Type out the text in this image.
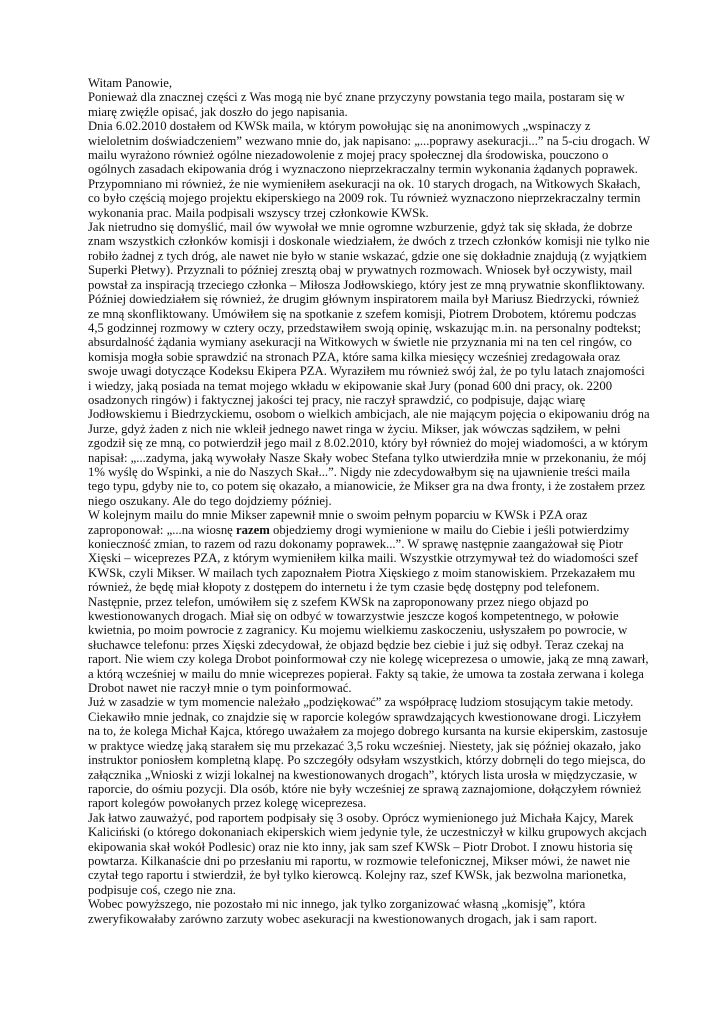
Witam Panowie,

Ponieważ dla znacznej części z Was mogą nie być znane przyczyny powstania tego maila, postaram się w miarę zwięźle opisać, jak doszło do jego napisania.

Dnia 6.02.2010 dostałem od KWSk maila, w którym powołując się na anonimowych „wspinaczy z wieloletnim doświadczeniem” wezwano mnie do, jak napisano: „...poprawy asekuracji...” na 5-ciu drogach. W mailu wyrażono również ogólne niezadowolenie z mojej pracy społecznej dla środowiska, pouczono o ogólnych zasadach ekipowania dróg i wyznaczono nieprzekraczalny termin wykonania żądanych poprawek. Przypomniano mi również, że nie wymieniłem asekuracji na ok. 10 starych drogach, na Witkowych Skałach, co było częścią mojego projektu ekiperskiego na 2009 rok. Tu również wyznaczono nieprzekraczalny termin wykonania prac. Maila podpisali wszyscy trzej członkowie KWSk.

Jak nietrudno się domyślić, mail ów wywołał we mnie ogromne wzburzenie, gdyż tak się składa, że dobrze znam wszystkich członków komisji i doskonale wiedziałem, że dwóch z trzech członków komisji nie tylko nie robiło żadnej z tych dróg, ale nawet nie było w stanie wskazać, gdzie one się dokładnie znajdują (z wyjątkiem Superki Płetwy). Przyznali to później zresztą obaj w prywatnych rozmowach. Wniosek był oczywisty, mail powstał za inspiracją trzeciego członka – Miłosza Jodłowskiego, który jest ze mną prywatnie skonfliktowany. Później dowiedziałem się również, że drugim głównym inspiratorem maila był Mariusz Biedrzycki, również ze mną skonfliktowany. Umówiłem się na spotkanie z szefem komisji, Piotrem Drobotem, któremu podczas 4,5 godzinnej rozmowy w cztery oczy, przedstawiłem swoją opinię, wskazując m.in. na personalny podtekst; absurdalność żądania wymiany asekuracji na Witkowych w świetle nie przyznania mi na ten cel ringów, co komisja mogła sobie sprawdzić na stronach PZA, które sama kilka miesięcy wcześniej zredagowała oraz swoje uwagi dotyczące Kodeksu Ekipera PZA. Wyraziłem mu również swój żal, że po tylu latach znajomości i wiedzy, jaką posiada na temat mojego wkładu w ekipowanie skał Jury (ponad 600 dni pracy, ok. 2200 osadzonych ringów) i faktycznej jakości tej pracy, nie raczył sprawdzić, co podpisuje, dając wiarę Jodłowskiemu i Biedrzyckiemu, osobom o wielkich ambicjach, ale nie mającym pojęcia o ekipowaniu dróg na Jurze, gdyż żaden z nich nie wkleił jednego nawet ringa w życiu. Mikser, jak wówczas sądziłem, w pełni zgodził się ze mną, co potwierdził jego mail z 8.02.2010, który był również do mojej wiadomości, a w którym napisał: „...zadyma, jaką wywołały Nasze Skały wobec Stefana tylko utwierdziła mnie w przekonaniu, że mój 1% wyślę do Wspinki, a nie do Naszych Skał...”. Nigdy nie zdecydowałbym się na ujawnienie treści maila tego typu, gdyby nie to, co potem się okazało, a mianowicie, że Mikser gra na dwa fronty, i że zostałem przez niego oszukany. Ale do tego dojdziemy później.

W kolejnym mailu do mnie Mikser zapewnił mnie o swoim pełnym poparciu w KWSk i PZA oraz zaproponował: „...na wiosnę razem objedziemy drogi wymienione w mailu do Ciebie i jeśli potwierdzimy konieczność zmian, to razem od razu dokonamy poprawek...”. W sprawę następnie zaangażował się Piotr Xięski – wiceprezes PZA, z którym wymieniłem kilka maili. Wszystkie otrzymywał też do wiadomości szef KWSk, czyli Mikser. W mailach tych zapoznałem Piotra Xięskiego z moim stanowiskiem. Przekazałem mu również, że będę miał kłopoty z dostępem do internetu i że tym czasie będę dostępny pod telefonem. Następnie, przez telefon, umówiłem się z szefem KWSk na zaproponowany przez niego objazd po kwestionowanych drogach. Miał się on odbyć w towarzystwie jeszcze kogoś kompetentnego, w połowie kwietnia, po moim powrocie z zagranicy. Ku mojemu wielkiemu zaskoczeniu, usłyszałem po powrocie, w słuchawce telefonu: przes Xięski zdecydował, że objazd będzie bez ciebie i już się odbył. Teraz czekaj na raport. Nie wiem czy kolega Drobot poinformował czy nie kolegę wiceprezesa o umowie, jaką ze mną zawarł, a którą wcześniej w mailu do mnie wiceprezes popierał. Fakty są takie, że umowa ta została zerwana i kolega Drobot nawet nie raczył mnie o tym poinformować.

Już w zasadzie w tym momencie należało „podziękować” za współpracę ludziom stosującym takie metody. Ciekawiło mnie jednak, co znajdzie się w raporcie kolegów sprawdzających kwestionowane drogi. Liczyłem na to, że kolega Michał Kajca, którego uważałem za mojego dobrego kursanta na kursie ekiperskim, zastosuje w praktyce wiedzę jaką starałem się mu przekazać 3,5 roku wcześniej. Niestety, jak się później okazało, jako instruktor poniosłem kompletną klapę. Po szczegóły odsyłam wszystkich, którzy dobrnęli do tego miejsca, do załącznika „Wnioski z wizji lokalnej na kwestionowanych drogach”, których lista urosła w międzyczasie, w raporcie, do ośmiu pozycji. Dla osób, które nie były wcześniej ze sprawą zaznajomione, dołączyłem również raport kolegów powołanych przez kolegę wiceprezesa.

Jak łatwo zauważyć, pod raportem podpisały się 3 osoby. Oprócz wymienionego już Michała Kajcy, Marek Kaliciński (o którego dokonaniach ekiperskich wiem jedynie tyle, że uczestniczył w kilku grupowych akcjach ekipowania skał wokół Podlesic) oraz nie kto inny, jak sam szef KWSk – Piotr Drobot. I znowu historia się powtarza. Kilkanaście dni po przesłaniu mi raportu, w rozmowie telefonicznej, Mikser mówi, że nawet nie czytał tego raportu i stwierdził, że był tylko kierowcą. Kolejny raz, szef KWSk, jak bezwolna marionetka, podpisuje coś, czego nie zna.

Wobec powyższego, nie pozostało mi nic innego, jak tylko zorganizować własną „komisję”, która zweryfikowałaby zarówno zarzuty wobec asekuracji na kwestionowanych drogach, jak i sam raport.
